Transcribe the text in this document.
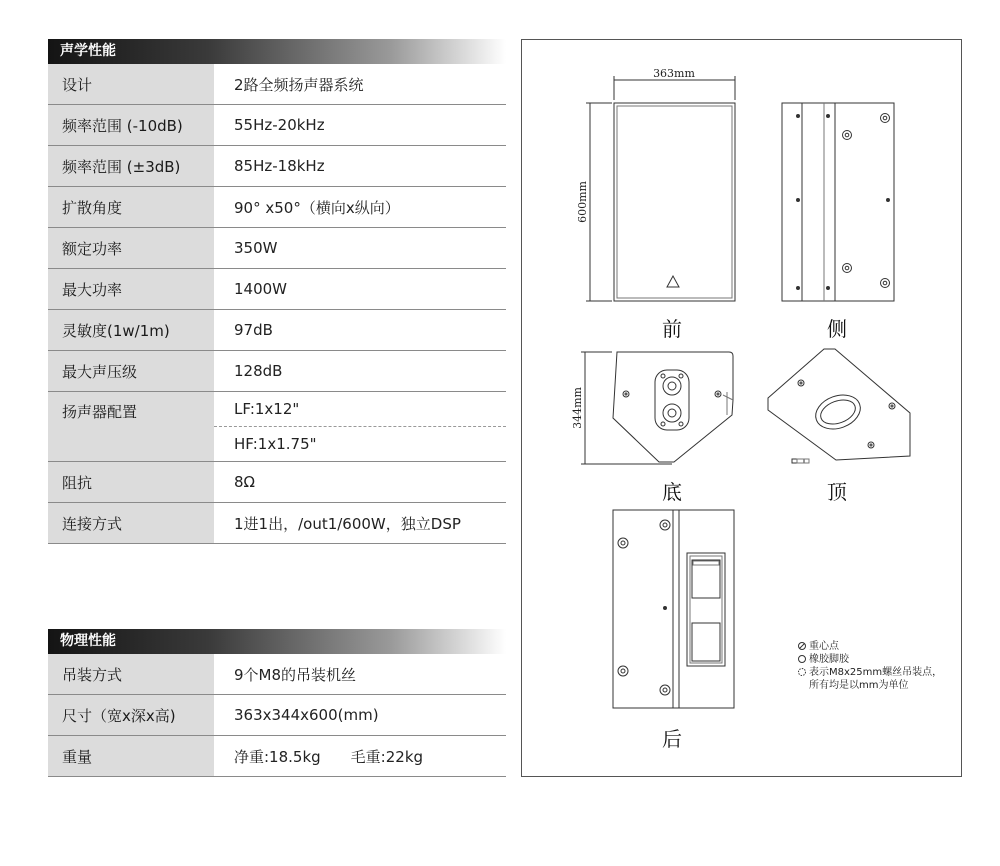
声学性能
设计	2路全频扬声器系统
频率范围 (-10dB)	55Hz-20kHz
频率范围 (±3dB)	85Hz-18kHz
扩散角度	90° x50°（横向x纵向）
额定功率	350W
最大功率	1400W
灵敏度(1w/1m)	97dB
最大声压级	128dB
扬声器配置	LF:1x12"
HF:1x1.75"
阻抗	8Ω
连接方式	1进1出，/out1/600W，独立DSP
物理性能
吊装方式	9个M8的吊装机丝
尺寸（宽x深x高)	363x344x600(mm)
重量	净重:18.5kg 毛重:22kg
363mm
600mm
344mm
前	侧
底	顶
后
重心点
橡胶脚胶
表示M8x25mm螺丝吊装点，
所有均是以mm为单位
